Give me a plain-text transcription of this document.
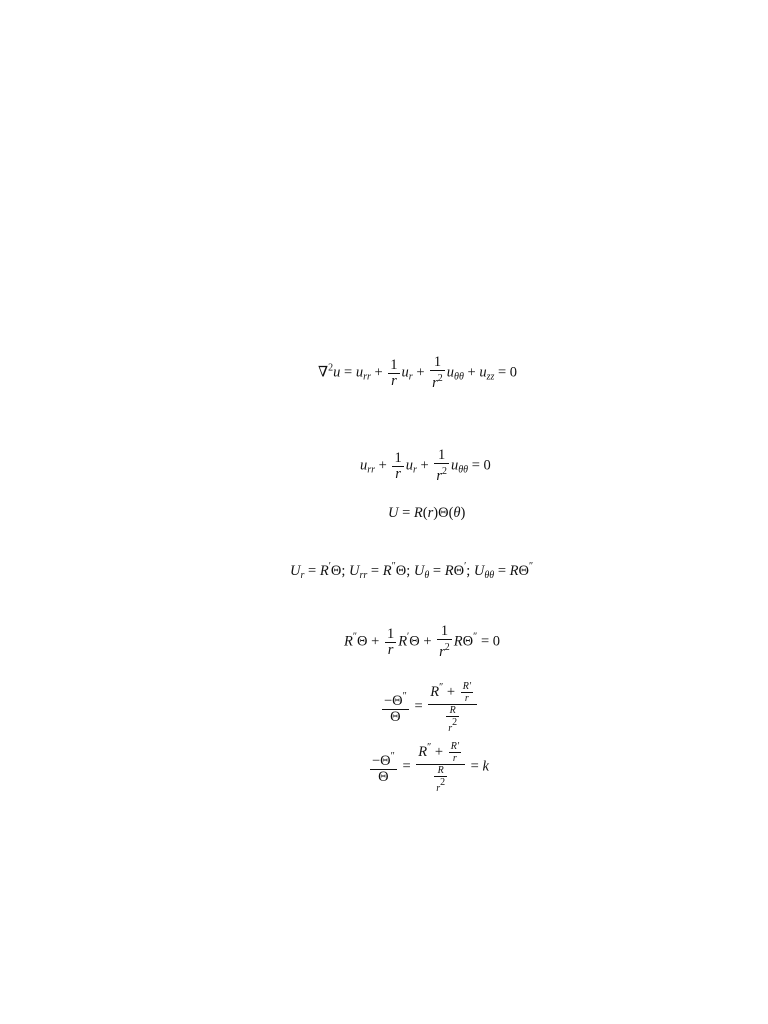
$\nabla^2u = u_{rr} + \frac{1}{r} u_r + \frac{1}{r^2} u_{\theta\theta} + u_{zz} = 0$
$u_{rr} + \frac{1}{r} u_r + \frac{1}{r^2} u_{\theta\theta} = 0$
U = R(r)Θ(θ)
$U_r = R'\Theta$; $U_{rr} = R''\Theta$; $U_\theta = R\Theta'$; $U_{\theta\theta} = R\Theta''$
$R''\Theta + \frac{1}{r} R'\Theta + \frac{1}{r^2} R\Theta'' = 0$
$\frac{-\Theta''}{\Theta} = \frac{R'' + \frac{R'}{r}}{\frac{R}{r^2}}$
$\frac{-\Theta''}{\Theta} = \frac{R'' + \frac{R'}{r}}{\frac{R}{r^2}} = k$
